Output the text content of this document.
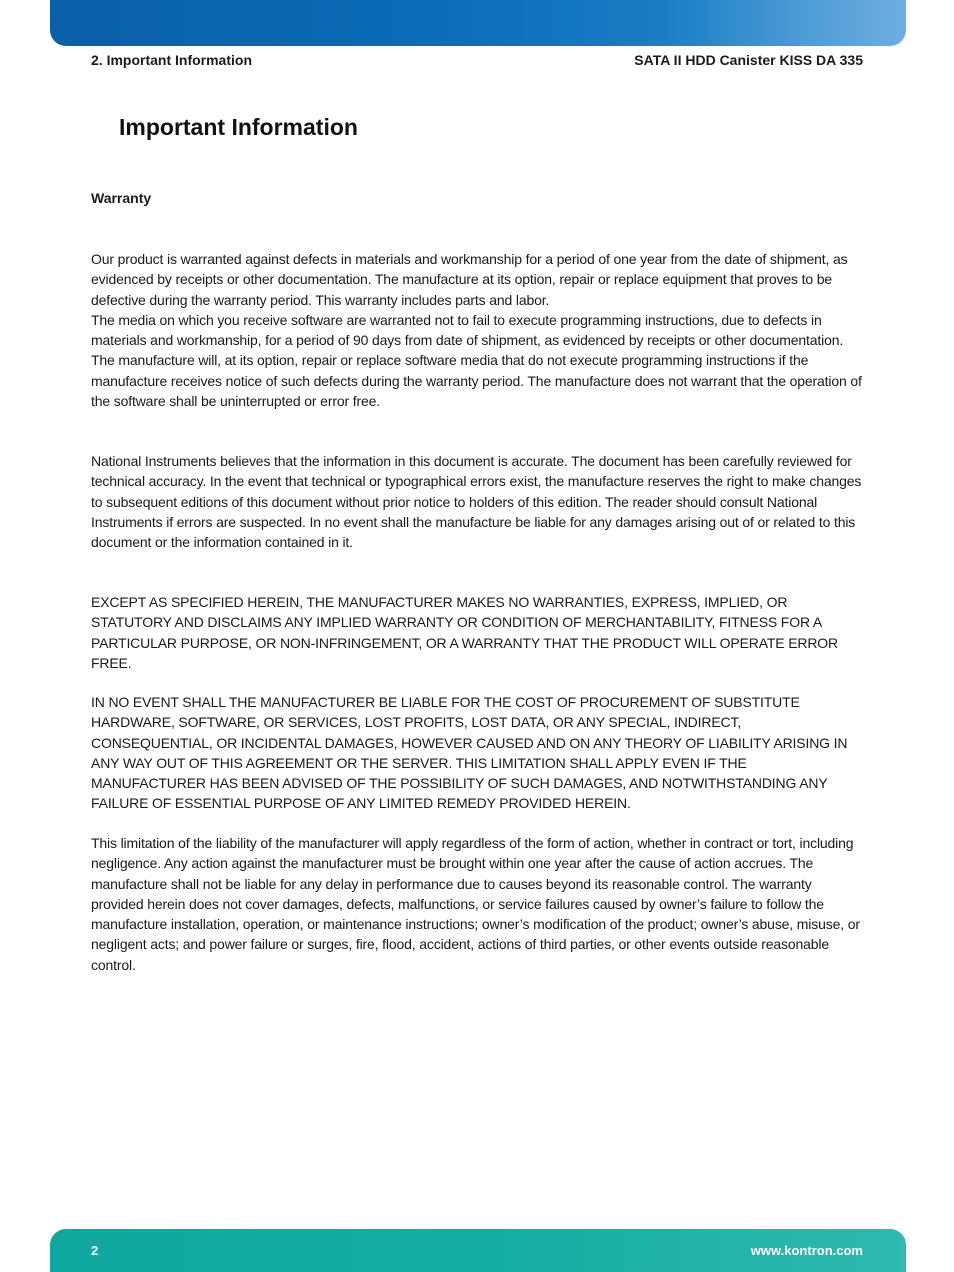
2. Important Information	SATA II HDD Canister KISS DA 335
Important Information
Warranty

Our product is warranted against defects in materials and workmanship for a period of one year from the date of shipment, as evidenced by receipts or other documentation. The manufacture at its option, repair or replace equipment that proves to be defective during the warranty period. This warranty includes parts and labor.
The media on which you receive software are warranted not to fail to execute programming instructions, due to defects in materials and workmanship, for a period of 90 days from date of shipment, as evidenced by receipts or other documentation. The manufacture will, at its option, repair or replace software media that do not execute programming instructions if the manufacture receives notice of such defects during the warranty period. The manufacture does not warrant that the operation of the software shall be uninterrupted or error free.

National Instruments believes that the information in this document is accurate. The document has been carefully reviewed for technical accuracy. In the event that technical or typographical errors exist, the manufacture reserves the right to make changes to subsequent editions of this document without prior notice to holders of this edition. The reader should consult National Instruments if errors are suspected. In no event shall the manufacture be liable for any damages arising out of or related to this document or the information contained in it.

EXCEPT AS SPECIFIED HEREIN, THE MANUFACTURER MAKES NO WARRANTIES, EXPRESS, IMPLIED, OR STATUTORY AND DISCLAIMS ANY IMPLIED WARRANTY OR CONDITION OF MERCHANTABILITY, FITNESS FOR A PARTICULAR PURPOSE, OR NON-INFRINGEMENT, OR A WARRANTY THAT THE PRODUCT WILL OPERATE ERROR FREE.

IN NO EVENT SHALL THE MANUFACTURER BE LIABLE FOR THE COST OF PROCUREMENT OF SUBSTITUTE HARDWARE, SOFTWARE, OR SERVICES, LOST PROFITS, LOST DATA, OR ANY SPECIAL, INDIRECT, CONSEQUENTIAL, OR INCIDENTAL DAMAGES, HOWEVER CAUSED AND ON ANY THEORY OF LIABILITY ARISING IN ANY WAY OUT OF THIS AGREEMENT OR THE SERVER. THIS LIMITATION SHALL APPLY EVEN IF THE MANUFACTURER HAS BEEN ADVISED OF THE POSSIBILITY OF SUCH DAMAGES, AND NOTWITHSTANDING ANY FAILURE OF ESSENTIAL PURPOSE OF ANY LIMITED REMEDY PROVIDED HEREIN.

This limitation of the liability of the manufacturer will apply regardless of the form of action, whether in contract or tort, including negligence. Any action against the manufacturer must be brought within one year after the cause of action accrues. The manufacture shall not be liable for any delay in performance due to causes beyond its reasonable control. The warranty provided herein does not cover damages, defects, malfunctions, or service failures caused by owner’s failure to follow the manufacture installation, operation, or maintenance instructions; owner’s modification of the product; owner’s abuse, misuse, or negligent acts; and power failure or surges, fire, flood, accident, actions of third parties, or other events outside reasonable control.

2	www.kontron.com
